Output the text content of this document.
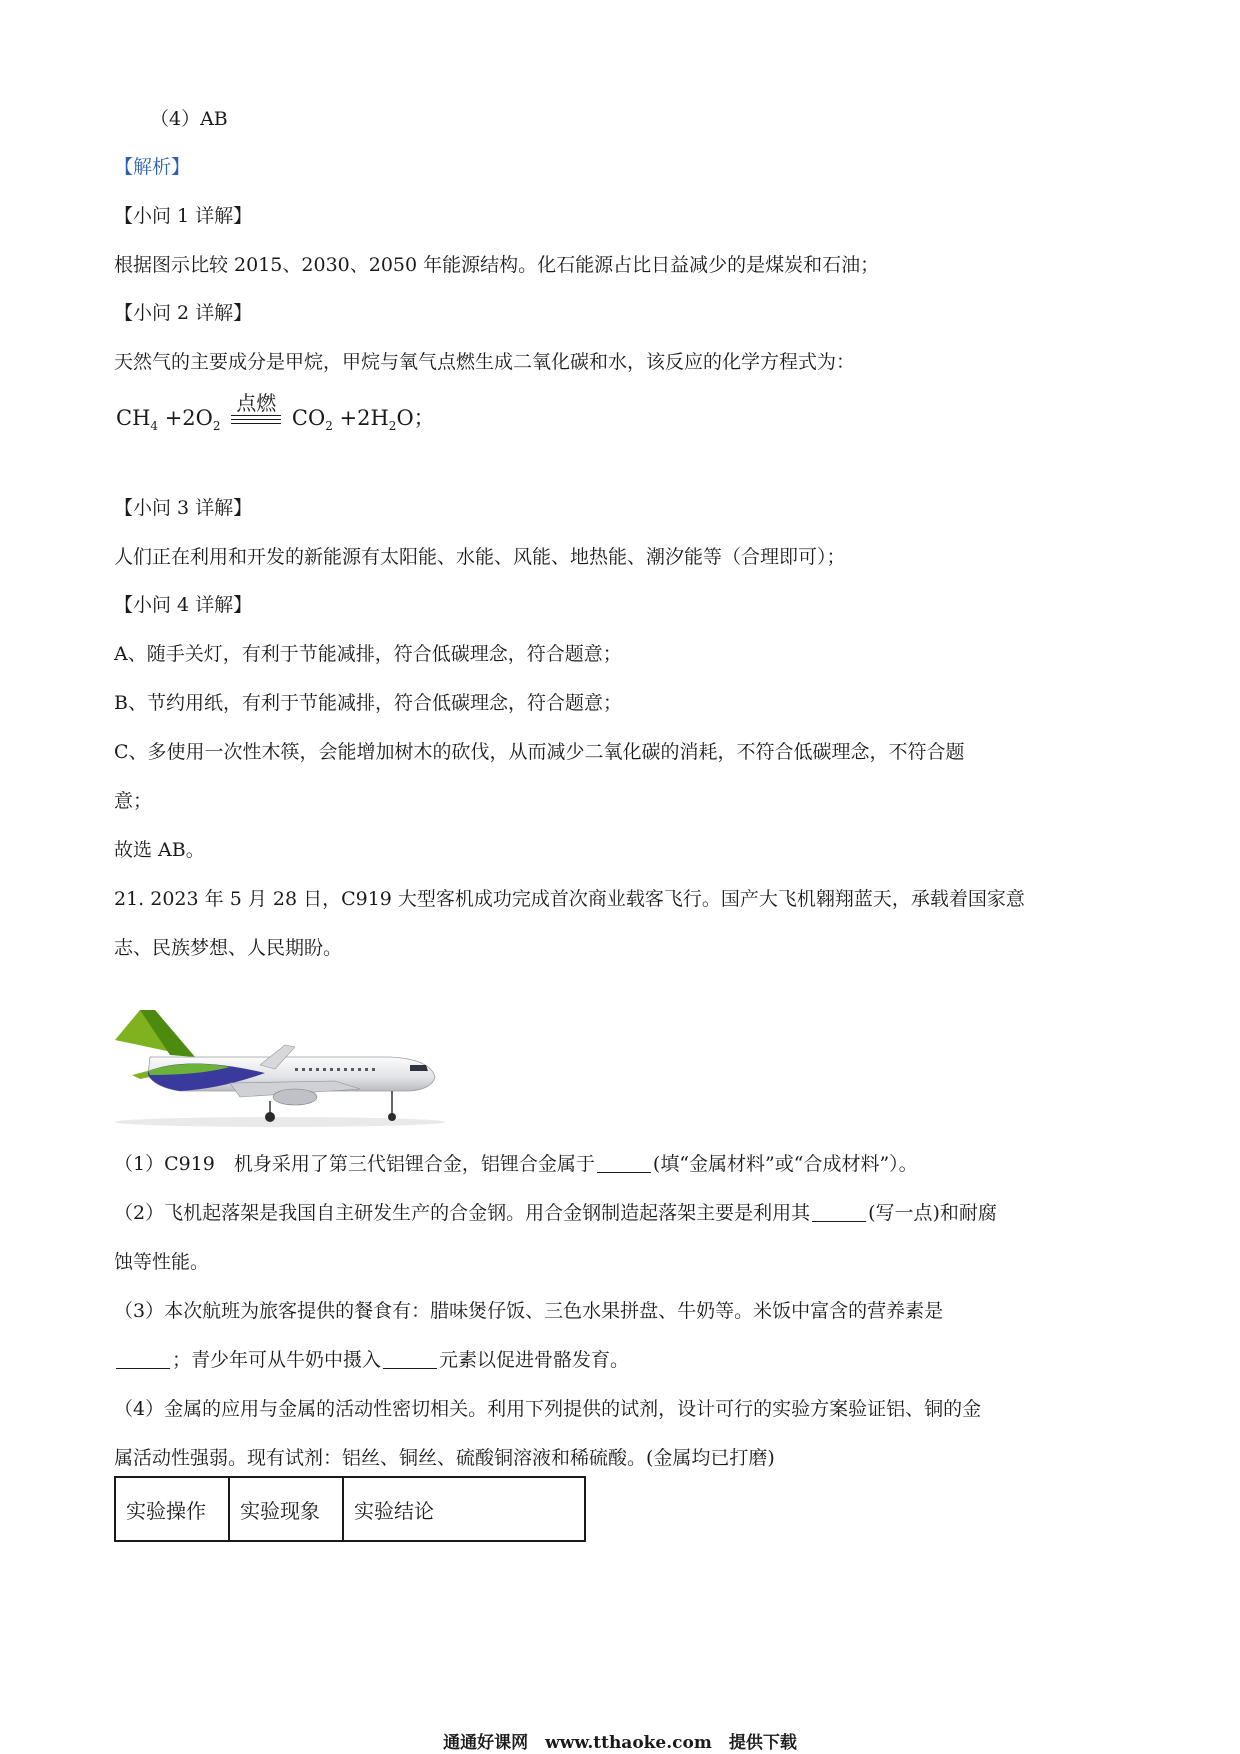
（4）AB
【解析】
【小问 1 详解】
根据图示比较 2015、2030、2050 年能源结构。化石能源占比日益减少的是煤炭和石油；
【小问 2 详解】
天然气的主要成分是甲烷，甲烷与氧气点燃生成二氧化碳和水，该反应的化学方程式为：
$CH_4 +2O_2$
点燃
$CO_2 +2H_2O$；
【小问 3 详解】
人们正在利用和开发的新能源有太阳能、水能、风能、地热能、潮汐能等（合理即可）；
【小问 4 详解】
A、随手关灯，有利于节能减排，符合低碳理念，符合题意；
B、节约用纸，有利于节能减排，符合低碳理念，符合题意；
C、多使用一次性木筷，会能增加树木的砍伐，从而减少二氧化碳的消耗，不符合低碳理念，不符合题
意；
故选 AB。
21. 2023 年 5 月 28 日，C919 大型客机成功完成首次商业载客飞行。国产大飞机翱翔蓝天，承载着国家意
志、民族梦想、人民期盼。
（1）C919　机身采用了第三代铝锂合金，铝锂合金属于	(填“金属材料”或“合成材料”）。
（2）飞机起落架是我国自主研发生产的合金钢。用合金钢制造起落架主要是利用其	(写一点)和耐腐
蚀等性能。
（3）本次航班为旅客提供的餐食有：腊味煲仔饭、三色水果拼盘、牛奶等。米饭中富含的营养素是
；青少年可从牛奶中摄入	元素以促进骨骼发育。
（4）金属的应用与金属的活动性密切相关。利用下列提供的试剂，设计可行的实验方案验证铝、铜的金
属活动性强弱。现有试剂：铝丝、铜丝、硫酸铜溶液和稀硫酸。(金属均已打磨)
实验操作	实验现象	实验结论
通通好课网　www.tthaoke.com　提供下载
